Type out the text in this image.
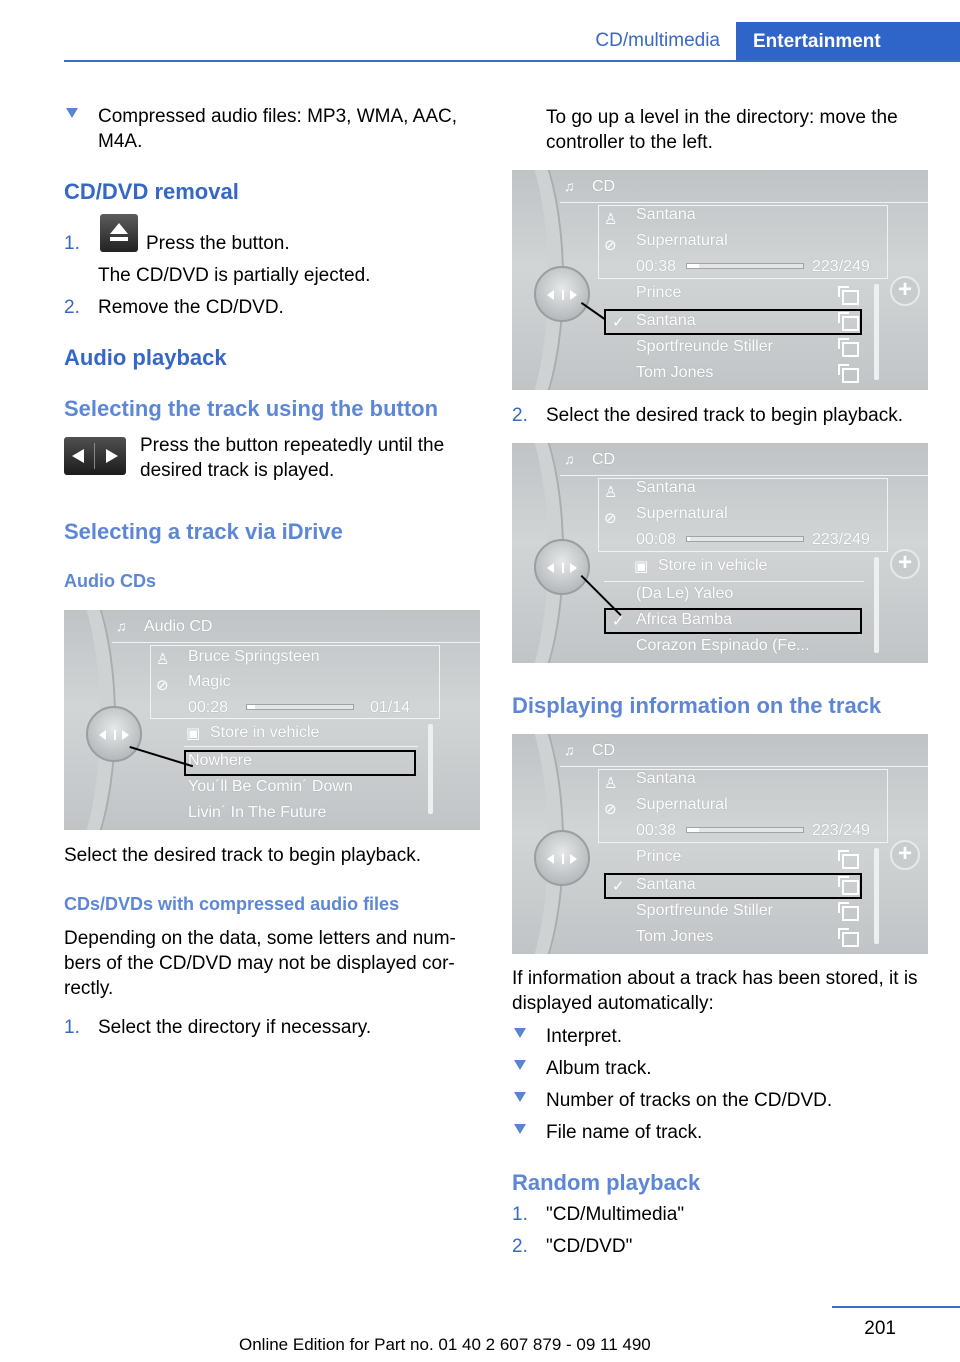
CD/multimedia	Entertainment
Compressed audio files: MP3, WMA, AAC,
M4A.
CD/DVD removal
1.	Press the button.
The CD/DVD is partially ejected.
2. Remove the CD/DVD.
Audio playback
Selecting the track using the button
Press the button repeatedly until the
desired track is played.
Selecting a track via iDrive
Audio CDs
♫ Audio CD
♙
⊘
Bruce Springsteen
Magic
00:28	01/14
▣ Store in vehicle
Nowhere
You´ll Be Comin´ Down
Livin´ In The Future
Select the desired track to begin playback.
CDs/DVDs with compressed audio files
Depending on the data, some letters and num-
bers of the CD/DVD may not be displayed cor-
rectly.
1. Select the directory if necessary.
To go up a level in the directory: move the
controller to the left.
♫ CD
♙
⊘
Santana
Supernatural
00:38	223/249
Prince
✓ Santana
Sportfreunde Stiller
Tom Jones
+
2. Select the desired track to begin playback.
♫ CD
♙
⊘
Santana
Supernatural
00:08	223/249
▣ Store in vehicle
(Da Le) Yaleo
✓ Africa Bamba
Corazon Espinado (Fe...
+
Displaying information on the track
♫ CD
♙
⊘
Santana
Supernatural
00:38	223/249
Prince
✓ Santana
Sportfreunde Stiller
Tom Jones
+
If information about a track has been stored, it is
displayed automatically:
Interpret.
Album track.
Number of tracks on the CD/DVD.
File name of track.
Random playback
1. "CD/Multimedia"
2. "CD/DVD"
201
Online Edition for Part no. 01 40 2 607 879 - 09 11 490
